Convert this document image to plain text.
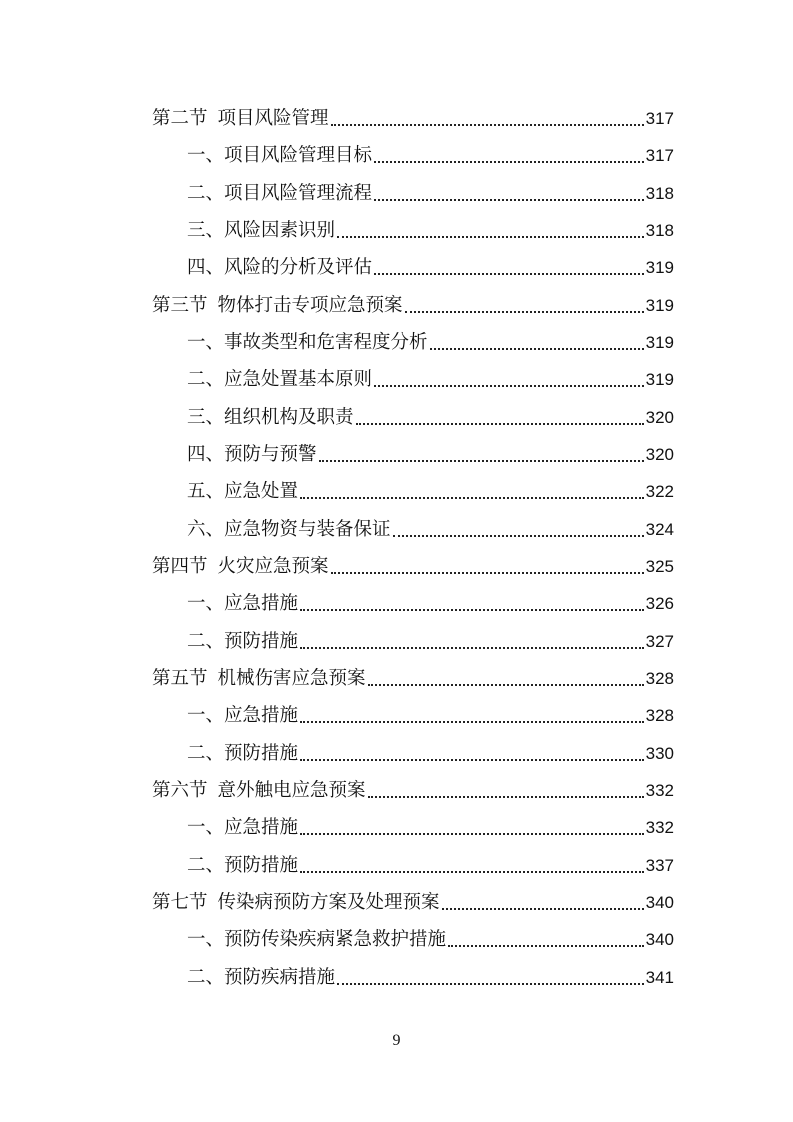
第二节 项目风险管理	317
一、项目风险管理目标	317
二、项目风险管理流程	318
三、风险因素识别	318
四、风险的分析及评估	319
第三节 物体打击专项应急预案	319
一、事故类型和危害程度分析	319
二、应急处置基本原则	319
三、组织机构及职责	320
四、预防与预警	320
五、应急处置	322
六、应急物资与装备保证	324
第四节 火灾应急预案	325
一、应急措施	326
二、预防措施	327
第五节 机械伤害应急预案	328
一、应急措施	328
二、预防措施	330
第六节 意外触电应急预案	332
一、应急措施	332
二、预防措施	337
第七节 传染病预防方案及处理预案	340
一、预防传染疾病紧急救护措施	340
二、预防疾病措施	341
9
